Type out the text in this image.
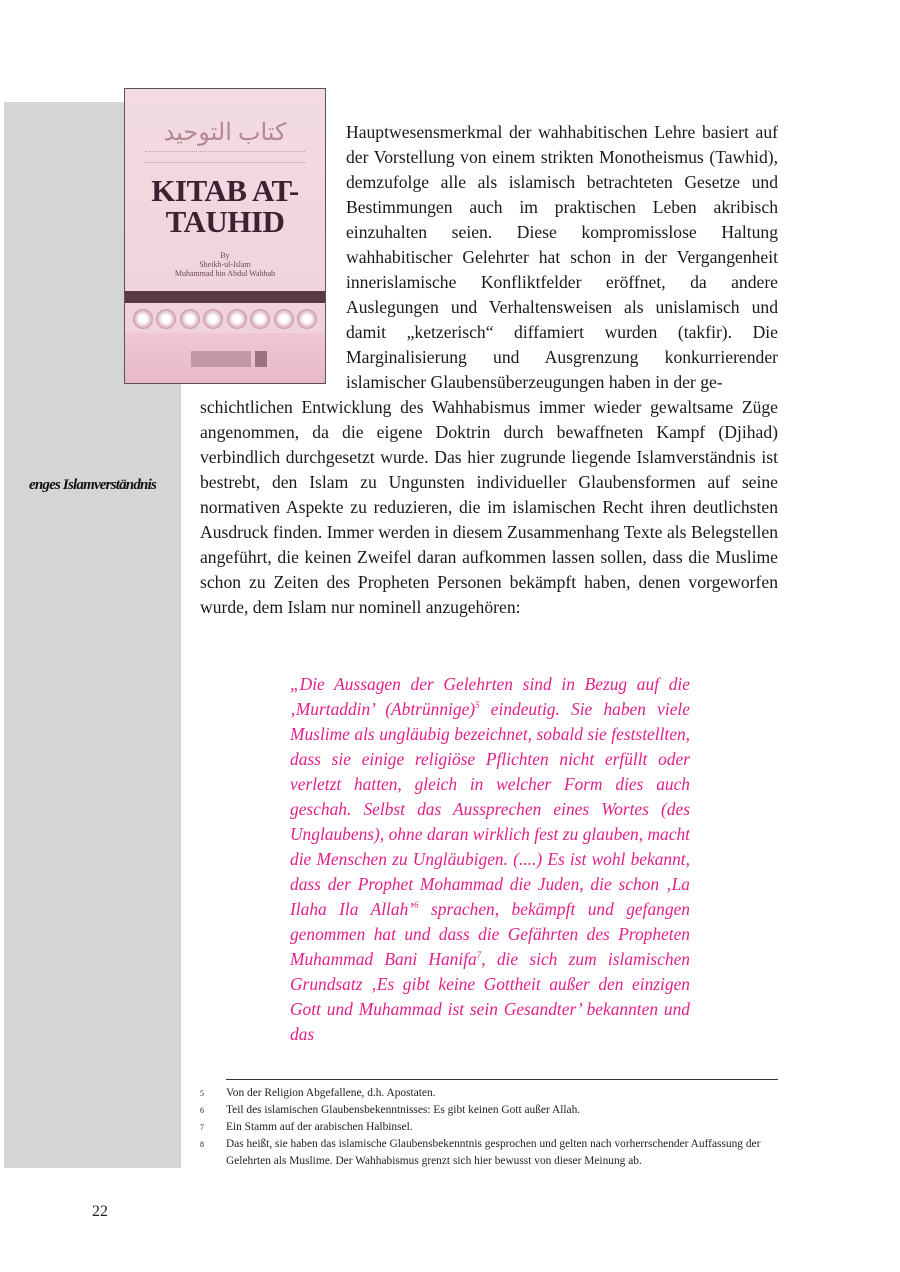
كتاب التوحيد
KITAB AT-TAUHID
By
Sheikh-ul-Islam
Muhammad bin Abdul Wahhab
enges Islamverständnis

Hauptwesensmerkmal der wahhabitischen Lehre basiert auf der Vorstellung von einem strikten Monotheismus (Tawhid), demzufolge alle als islamisch betrachteten Gesetze und Bestimmungen auch im praktischen Leben akribisch einzuhalten seien. Diese kompromisslose Haltung wahhabitischer Gelehrter hat schon in der Vergangenheit innerislamische Konfliktfelder eröffnet, da andere Auslegungen und Verhaltensweisen als unislamisch und damit „ketzerisch“ diffamiert wurden (takfir). Die Marginalisierung und Ausgrenzung konkurrierender islamischer Glaubensüberzeugungen haben in der ge-

schichtlichen Entwicklung des Wahhabismus immer wieder gewaltsame Züge angenommen, da die eigene Doktrin durch bewaffneten Kampf (Djihad) verbindlich durchgesetzt wurde. Das hier zugrunde liegende Islamverständnis ist bestrebt, den Islam zu Ungunsten individueller Glaubensformen auf seine normativen Aspekte zu reduzieren, die im islamischen Recht ihren deutlichsten Ausdruck finden. Immer werden in diesem Zusammenhang Texte als Belegstellen angeführt, die keinen Zweifel daran aufkommen lassen sollen, dass die Muslime schon zu Zeiten des Propheten Personen bekämpft haben, denen vorgeworfen wurde, dem Islam nur nominell anzugehören:

„Die Aussagen der Gelehrten sind in Bezug auf die ‚Murtaddin’ (Abtrünnige)$^5$ eindeutig. Sie haben viele Muslime als ungläubig bezeichnet, sobald sie feststellten, dass sie einige religiöse Pflichten nicht erfüllt oder verletzt hatten, gleich in welcher Form dies auch geschah. Selbst das Aussprechen eines Wortes (des Unglaubens), ohne daran wirklich fest zu glauben, macht die Menschen zu Ungläubigen. (....) Es ist wohl bekannt, dass der Prophet Mohammad die Juden, die schon ‚La Ilaha Ila Allah’$^6$ sprachen, bekämpft und gefangen genommen hat und dass die Gefährten des Propheten Muhammad Bani Hanifa$^7$, die sich zum islamischen Grundsatz ‚Es gibt keine Gottheit außer den einzigen Gott und Muhammad ist sein Gesandter’ bekannten und das

5	Von der Religion Abgefallene, d.h. Apostaten.
6	Teil des islamischen Glaubensbekenntnisses: Es gibt keinen Gott außer Allah.
7	Ein Stamm auf der arabischen Halbinsel.
8	Das heißt, sie haben das islamische Glaubensbekenntnis gesprochen und gelten nach vorherrschender Auffassung der Gelehrten als Muslime. Der Wahhabismus grenzt sich hier bewusst von dieser Meinung ab.
22
